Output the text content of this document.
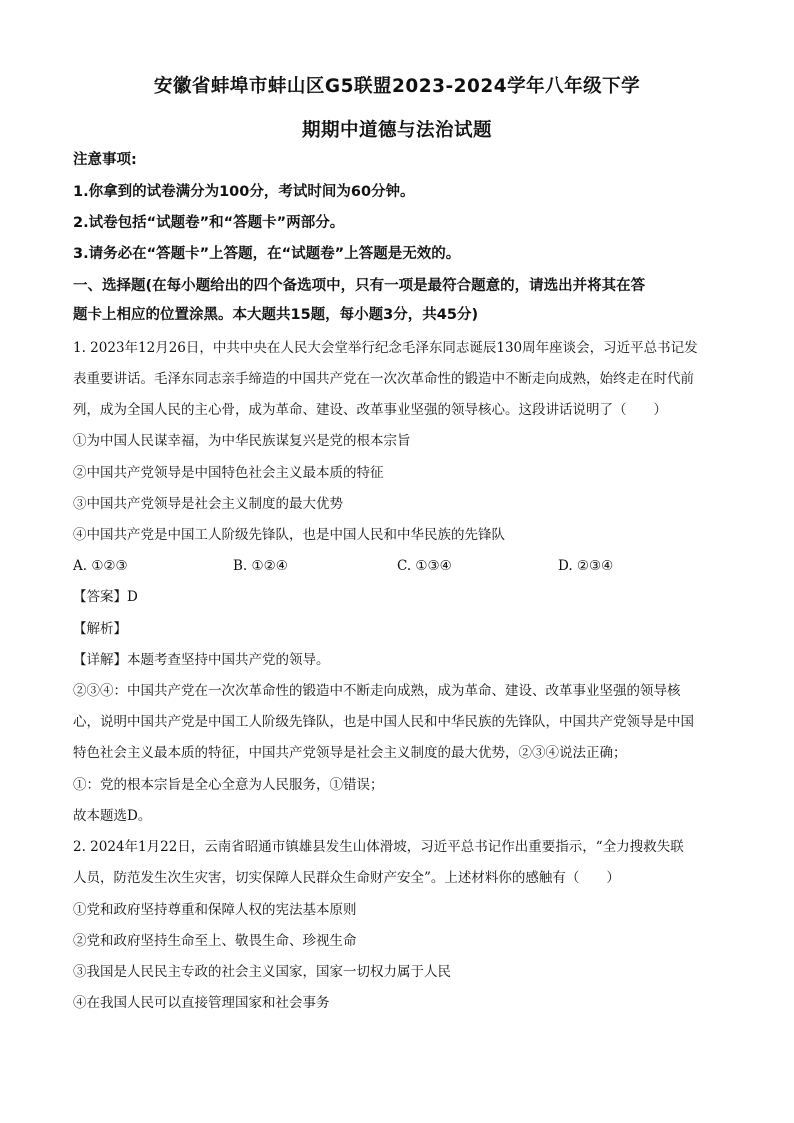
安徽省蚌埠市蚌山区G5联盟2023-2024学年八年级下学
期期中道德与法治试题
注意事项:
1.你拿到的试卷满分为100分，考试时间为60分钟。
2.试卷包括“试题卷”和“答题卡”两部分。
3.请务必在“答题卡”上答题，在“试题卷”上答题是无效的。
一、选择题(在每小题给出的四个备选项中，只有一项是最符合题意的，请选出并将其在答
题卡上相应的位置涂黑。本大题共15题，每小题3分，共45分)
1. 2023年12月26日，中共中央在人民大会堂举行纪念毛泽东同志诞辰130周年座谈会，习近平总书记发
表重要讲话。毛泽东同志亲手缔造的中国共产党在一次次革命性的锻造中不断走向成熟，始终走在时代前
列，成为全国人民的主心骨，成为革命、建设、改革事业坚强的领导核心。这段讲话说明了（　　）
①为中国人民谋幸福，为中华民族谋复兴是党的根本宗旨
②中国共产党领导是中国特色社会主义最本质的特征
③中国共产党领导是社会主义制度的最大优势
④中国共产党是中国工人阶级先锋队，也是中国人民和中华民族的先锋队
A. ①②③	B. ①②④	C. ①③④	D. ②③④
【答案】D
【解析】
【详解】本题考查坚持中国共产党的领导。
②③④：中国共产党在一次次革命性的锻造中不断走向成熟，成为革命、建设、改革事业坚强的领导核
心，说明中国共产党是中国工人阶级先锋队，也是中国人民和中华民族的先锋队，中国共产党领导是中国
特色社会主义最本质的特征，中国共产党领导是社会主义制度的最大优势，②③④说法正确；
①：党的根本宗旨是全心全意为人民服务，①错误；
故本题选D。
2. 2024年1月22日，云南省昭通市镇雄县发生山体滑坡，习近平总书记作出重要指示，“全力搜救失联
人员，防范发生次生灾害，切实保障人民群众生命财产安全”。上述材料你的感触有（　　）
①党和政府坚持尊重和保障人权的宪法基本原则
②党和政府坚持生命至上、敬畏生命、珍视生命
③我国是人民民主专政的社会主义国家，国家一切权力属于人民
④在我国人民可以直接管理国家和社会事务
